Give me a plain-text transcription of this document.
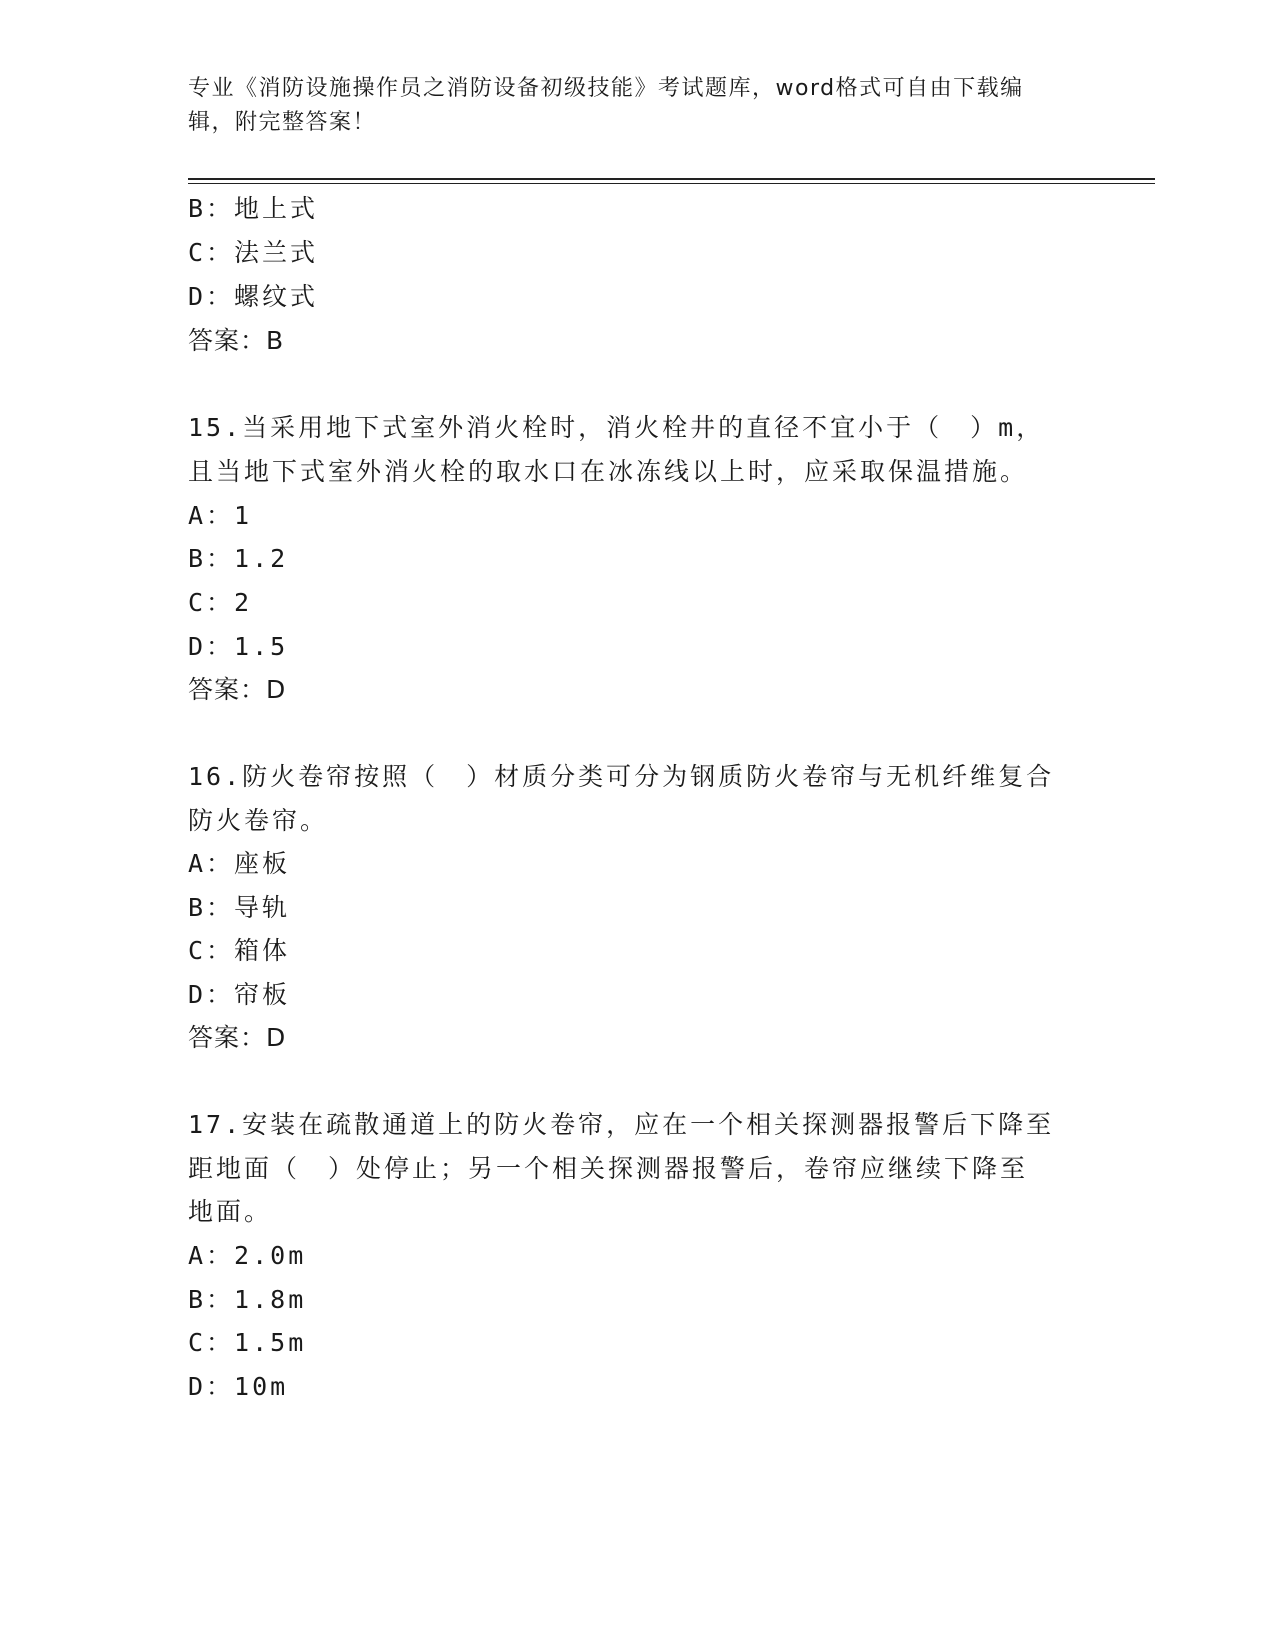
专业《消防设施操作员之消防设备初级技能》考试题库，word格式可自由下载编
辑，附完整答案！
B：地上式
C：法兰式
D：螺纹式
答案：B
15.当采用地下式室外消火栓时，消火栓井的直径不宜小于（　）m，
且当地下式室外消火栓的取水口在冰冻线以上时，应采取保温措施。
A：1
B：1.2
C：2
D：1.5
答案：D
16.防火卷帘按照（　）材质分类可分为钢质防火卷帘与无机纤维复合
防火卷帘。
A：座板
B：导轨
C：箱体
D：帘板
答案：D
17.安装在疏散通道上的防火卷帘，应在一个相关探测器报警后下降至
距地面（　）处停止；另一个相关探测器报警后，卷帘应继续下降至
地面。
A：2.0m
B：1.8m
C：1.5m
D：10m
